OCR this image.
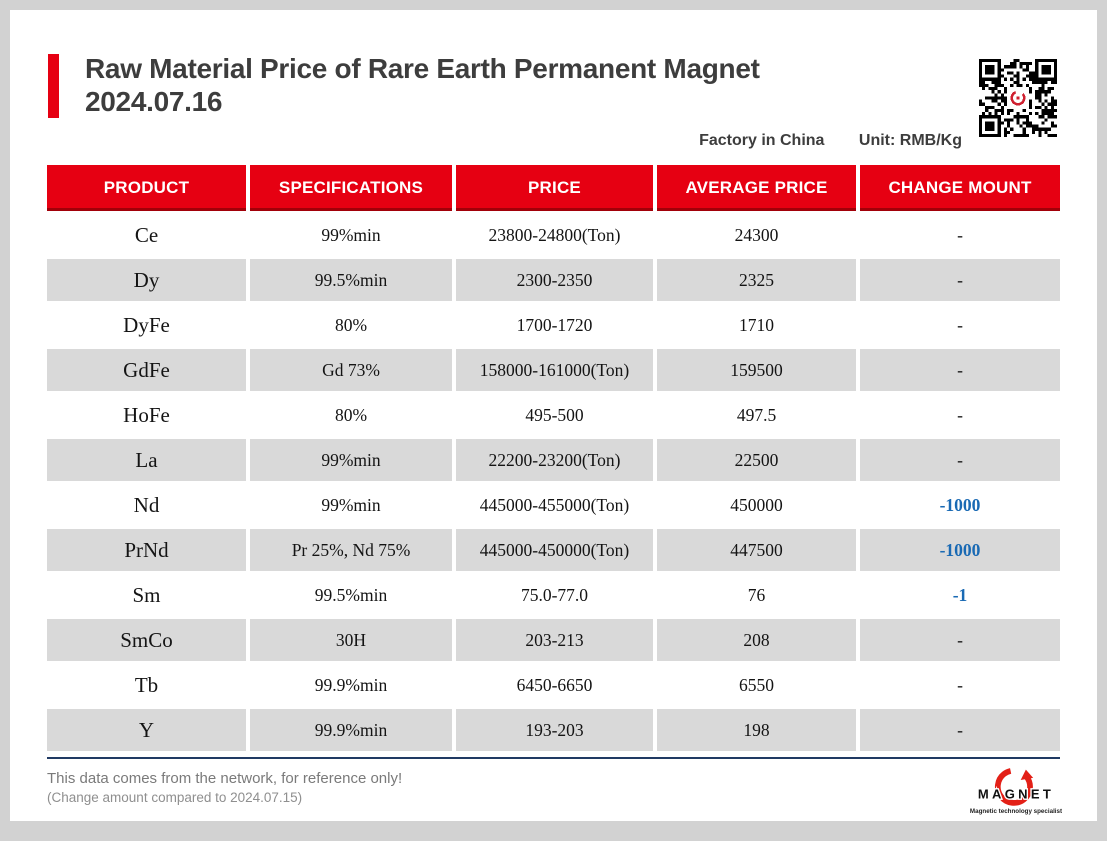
Raw Material Price of Rare Earth Permanent Magnet
2024.07.16
Factory in China Unit: RMB/Kg
PRODUCT	SPECIFICATIONS	PRICE	AVERAGE PRICE	CHANGE MOUNT
Ce	99%min	23800-24800(Ton)	24300	-
Dy	99.5%min	2300-2350	2325	-
DyFe	80%	1700-1720	1710	-
GdFe	Gd 73%	158000-161000(Ton)	159500	-
HoFe	80%	495-500	497.5	-
La	99%min	22200-23200(Ton)	22500	-
Nd	99%min	445000-455000(Ton)	450000	-1000
PrNd	Pr 25%, Nd 75%	445000-450000(Ton)	447500	-1000
Sm	99.5%min	75.0-77.0	76	-1
SmCo	30H	203-213	208	-
Tb	99.9%min	6450-6650	6550	-
Y	99.9%min	193-203	198	-
This data comes from the network, for reference only!
(Change amount compared to 2024.07.15)	MAGNET
Magnetic technology specialist
